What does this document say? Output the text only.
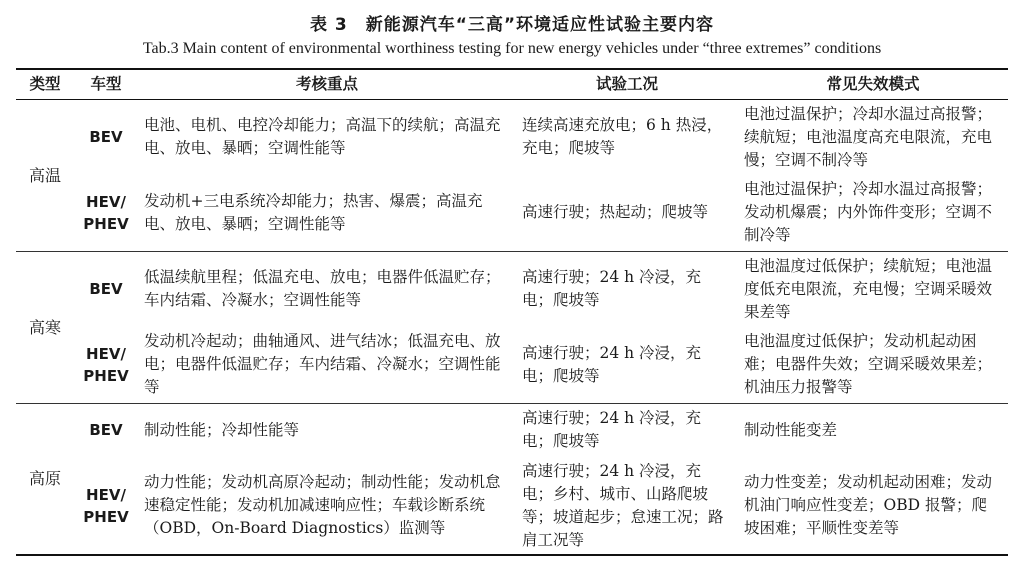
表 3　新能源汽车“三高”环境适应性试验主要内容
Tab.3 Main content of environmental worthiness testing for new energy vehicles under “three extremes” conditions
类型	车型	考核重点	试验工况	常见失效模式
高温	BEV	电池、电机、电控冷却能力；高温下的续航；高温充电、放电、暴晒；空调性能等	连续高速充放电；6 h 热浸，充电；爬坡等	电池过温保护；冷却水温过高报警；续航短；电池温度高充电限流，充电慢；空调不制冷等
	HEV/ PHEV	发动机+三电系统冷却能力；热害、爆震；高温充电、放电、暴晒；空调性能等	高速行驶；热起动；爬坡等	电池过温保护；冷却水温过高报警；发动机爆震；内外饰件变形；空调不制冷等
高寒	BEV	低温续航里程；低温充电、放电；电器件低温贮存；车内结霜、冷凝水；空调性能等	高速行驶；24 h 冷浸，充电；爬坡等	电池温度过低保护；续航短；电池温度低充电限流，充电慢；空调采暖效果差等
	HEV/ PHEV	发动机冷起动；曲轴通风、进气结冰；低温充电、放电；电器件低温贮存；车内结霜、冷凝水；空调性能等	高速行驶；24 h 冷浸，充电；爬坡等	电池温度过低保护；发动机起动困难；电器件失效；空调采暖效果差；机油压力报警等
高原	BEV	制动性能；冷却性能等	高速行驶；24 h 冷浸，充电；爬坡等	制动性能变差
	HEV/ PHEV	动力性能；发动机高原冷起动；制动性能；发动机怠速稳定性能；发动机加减速响应性；车载诊断系统（OBD，On-Board Diagnostics）监测等	高速行驶；24 h 冷浸，充电；乡村、城市、山路爬坡等；坡道起步；怠速工况；路肩工况等	动力性变差；发动机起动困难；发动机油门响应性变差；OBD 报警；爬坡困难；平顺性变差等
